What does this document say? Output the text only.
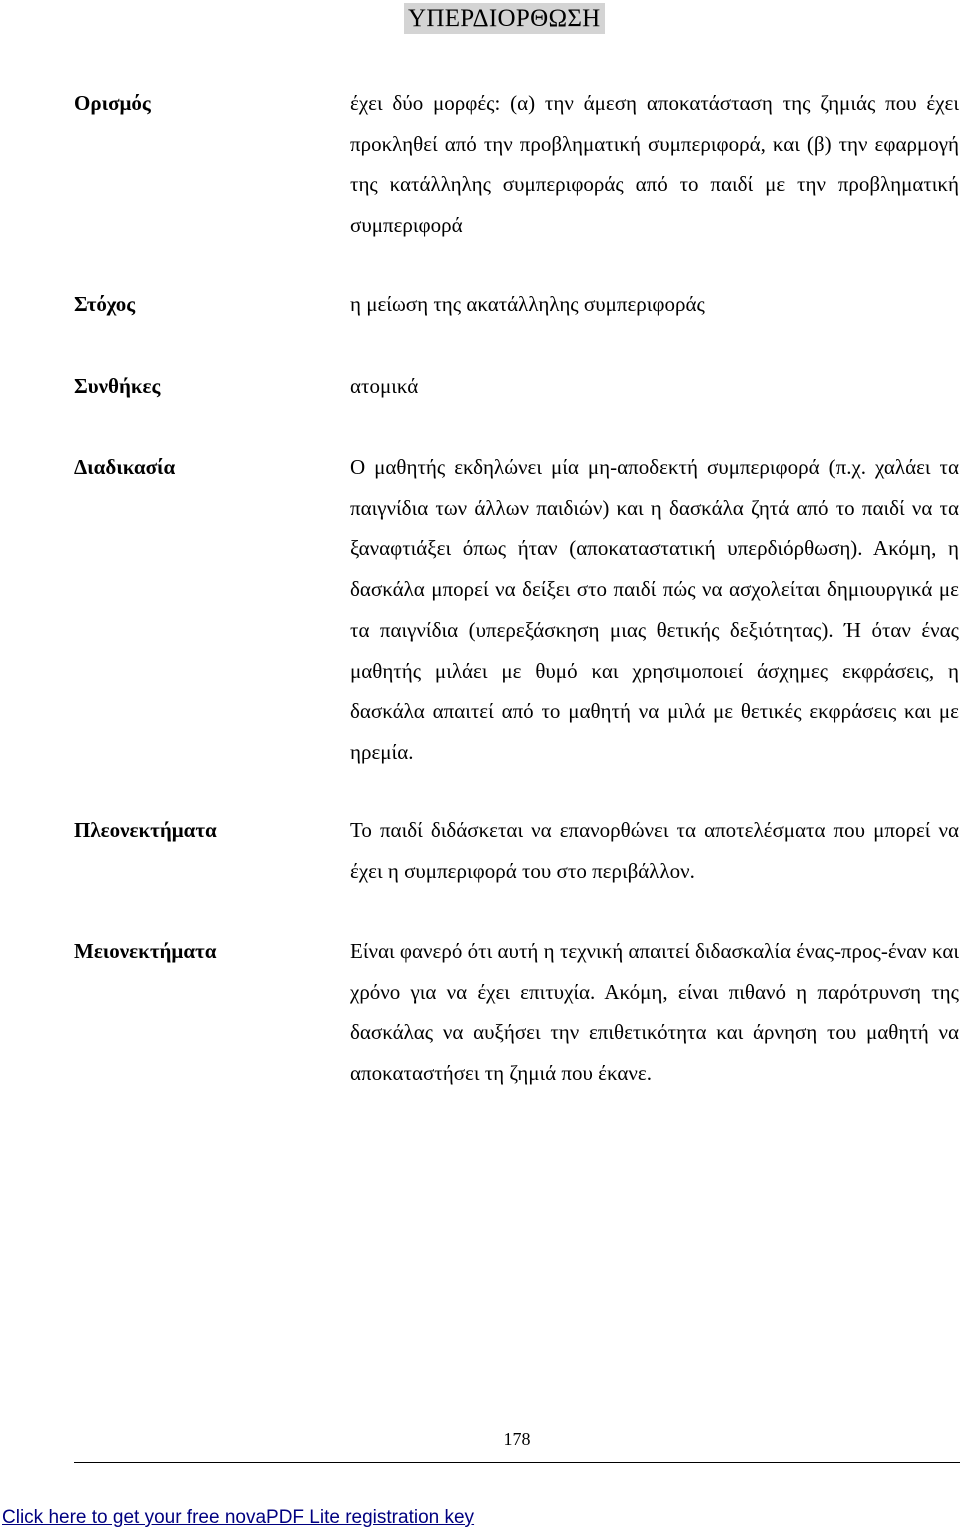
ΥΠΕΡΔΙΟΡΘΩΣΗ
Ορισμός	έχει δύο μορφές: (α) την άμεση αποκατάσταση της ζημιάς που έχει προκληθεί από την προβληματική συμπεριφορά, και (β) την εφαρμογή της κατάλληλης συμπεριφοράς από το παιδί με την προβληματική συμπεριφορά
Στόχος	η μείωση της ακατάλληλης συμπεριφοράς
Συνθήκες	ατομικά
Διαδικασία	Ο μαθητής εκδηλώνει μία μη-αποδεκτή συμπεριφορά (π.χ. χαλάει τα παιγνίδια των άλλων παιδιών) και η δασκάλα ζητά από το παιδί να τα ξαναφτιάξει όπως ήταν (αποκαταστατική υπερδιόρθωση). Ακόμη, η δασκάλα μπορεί να δείξει στο παιδί πώς να ασχολείται δημιουργικά με τα παιγνίδια (υπερεξάσκηση μιας θετικής δεξιότητας). Ή όταν ένας μαθητής μιλάει με θυμό και χρησιμοποιεί άσχημες εκφράσεις, η δασκάλα απαιτεί από το μαθητή να μιλά με θετικές εκφράσεις και με ηρεμία.
Πλεονεκτήματα	Το παιδί διδάσκεται να επανορθώνει τα αποτελέσματα που μπορεί να έχει η συμπεριφορά του στο περιβάλλον.
Μειονεκτήματα	Είναι φανερό ότι αυτή η τεχνική απαιτεί διδασκαλία ένας-προς-έναν και χρόνο για να έχει επιτυχία. Ακόμη, είναι πιθανό η παρότρυνση της δασκάλας να αυξήσει την επιθετικότητα και άρνηση του μαθητή να αποκαταστήσει τη ζημιά που έκανε.
178
Click here to get your free novaPDF Lite registration key
